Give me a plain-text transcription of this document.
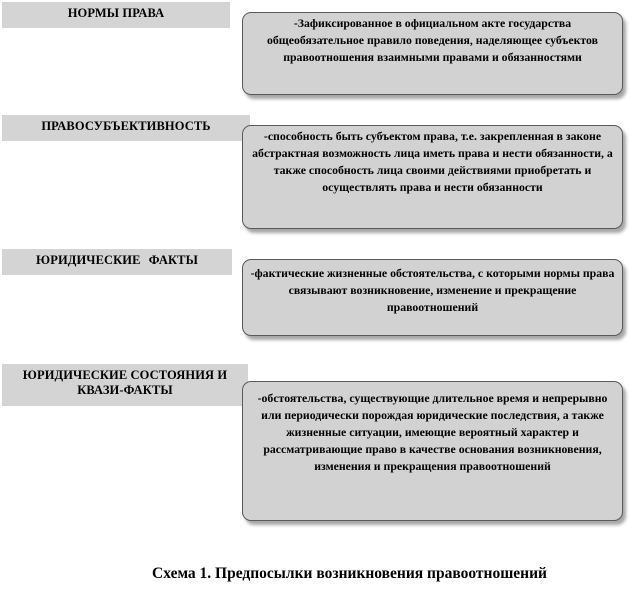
НОРМЫ ПРАВА
-Зафиксированное в официальном акте государства общеобязательное правило поведения, наделяющее субъектов правоотношения взаимными правами и обязанностями
ПРАВОСУБЪЕКТИВНОСТЬ
-способность быть субъектом права, т.е. закрепленная в законе абстрактная возможность лица иметь права и нести обязанности, а также способность лица своими действиями приобретать и осуществлять права и нести обязанности
ЮРИДИЧЕСКИЕ ФАКТЫ
-фактические жизненные обстоятельства, с которыми нормы права связывают возникновение, изменение и прекращение правоотношений
ЮРИДИЧЕСКИЕ СОСТОЯНИЯ И КВАЗИ-ФАКТЫ
-обстоятельства, существующие длительное время и непрерывно или периодически порождая юридические последствия, а также жизненные ситуации, имеющие вероятный характер и рассматривающие право в качестве основания возникновения, изменения и прекращения правоотношений
Схема 1. Предпосылки возникновения правоотношений
